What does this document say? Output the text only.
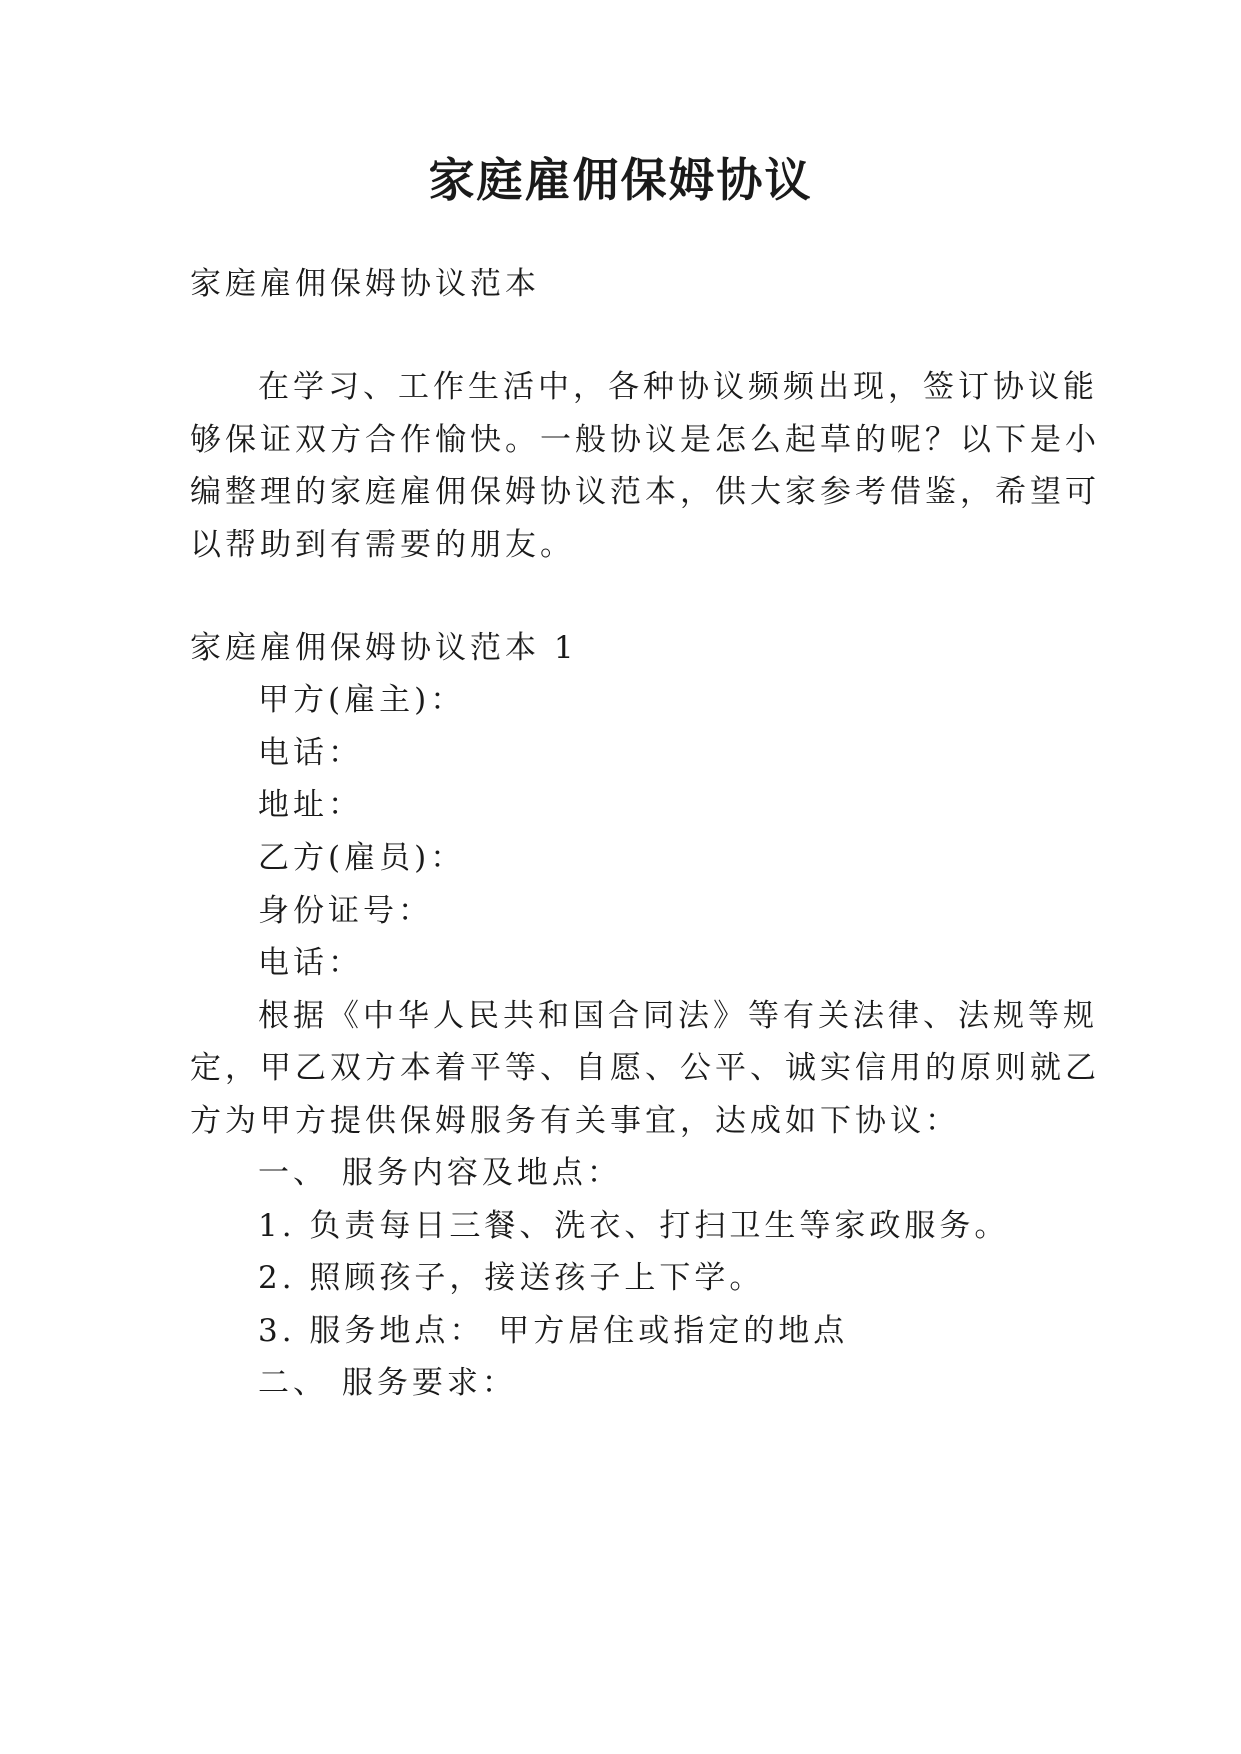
家庭雇佣保姆协议
家庭雇佣保姆协议范本
在学习、工作生活中，各种协议频频出现，签订协议能
够保证双方合作愉快。一般协议是怎么起草的呢？以下是小
编整理的家庭雇佣保姆协议范本，供大家参考借鉴，希望可
以帮助到有需要的朋友。
家庭雇佣保姆协议范本 1
甲方(雇主)：
电话：
地址：
乙方(雇员)：
身份证号：
电话：
根据《中华人民共和国合同法》等有关法律、法规等规
定，甲乙双方本着平等、自愿、公平、诚实信用的原则就乙
方为甲方提供保姆服务有关事宜，达成如下协议：
一、 服务内容及地点：
1. 负责每日三餐、洗衣、打扫卫生等家政服务。
2. 照顾孩子，接送孩子上下学。
3. 服务地点： 甲方居住或指定的地点
二、 服务要求：
